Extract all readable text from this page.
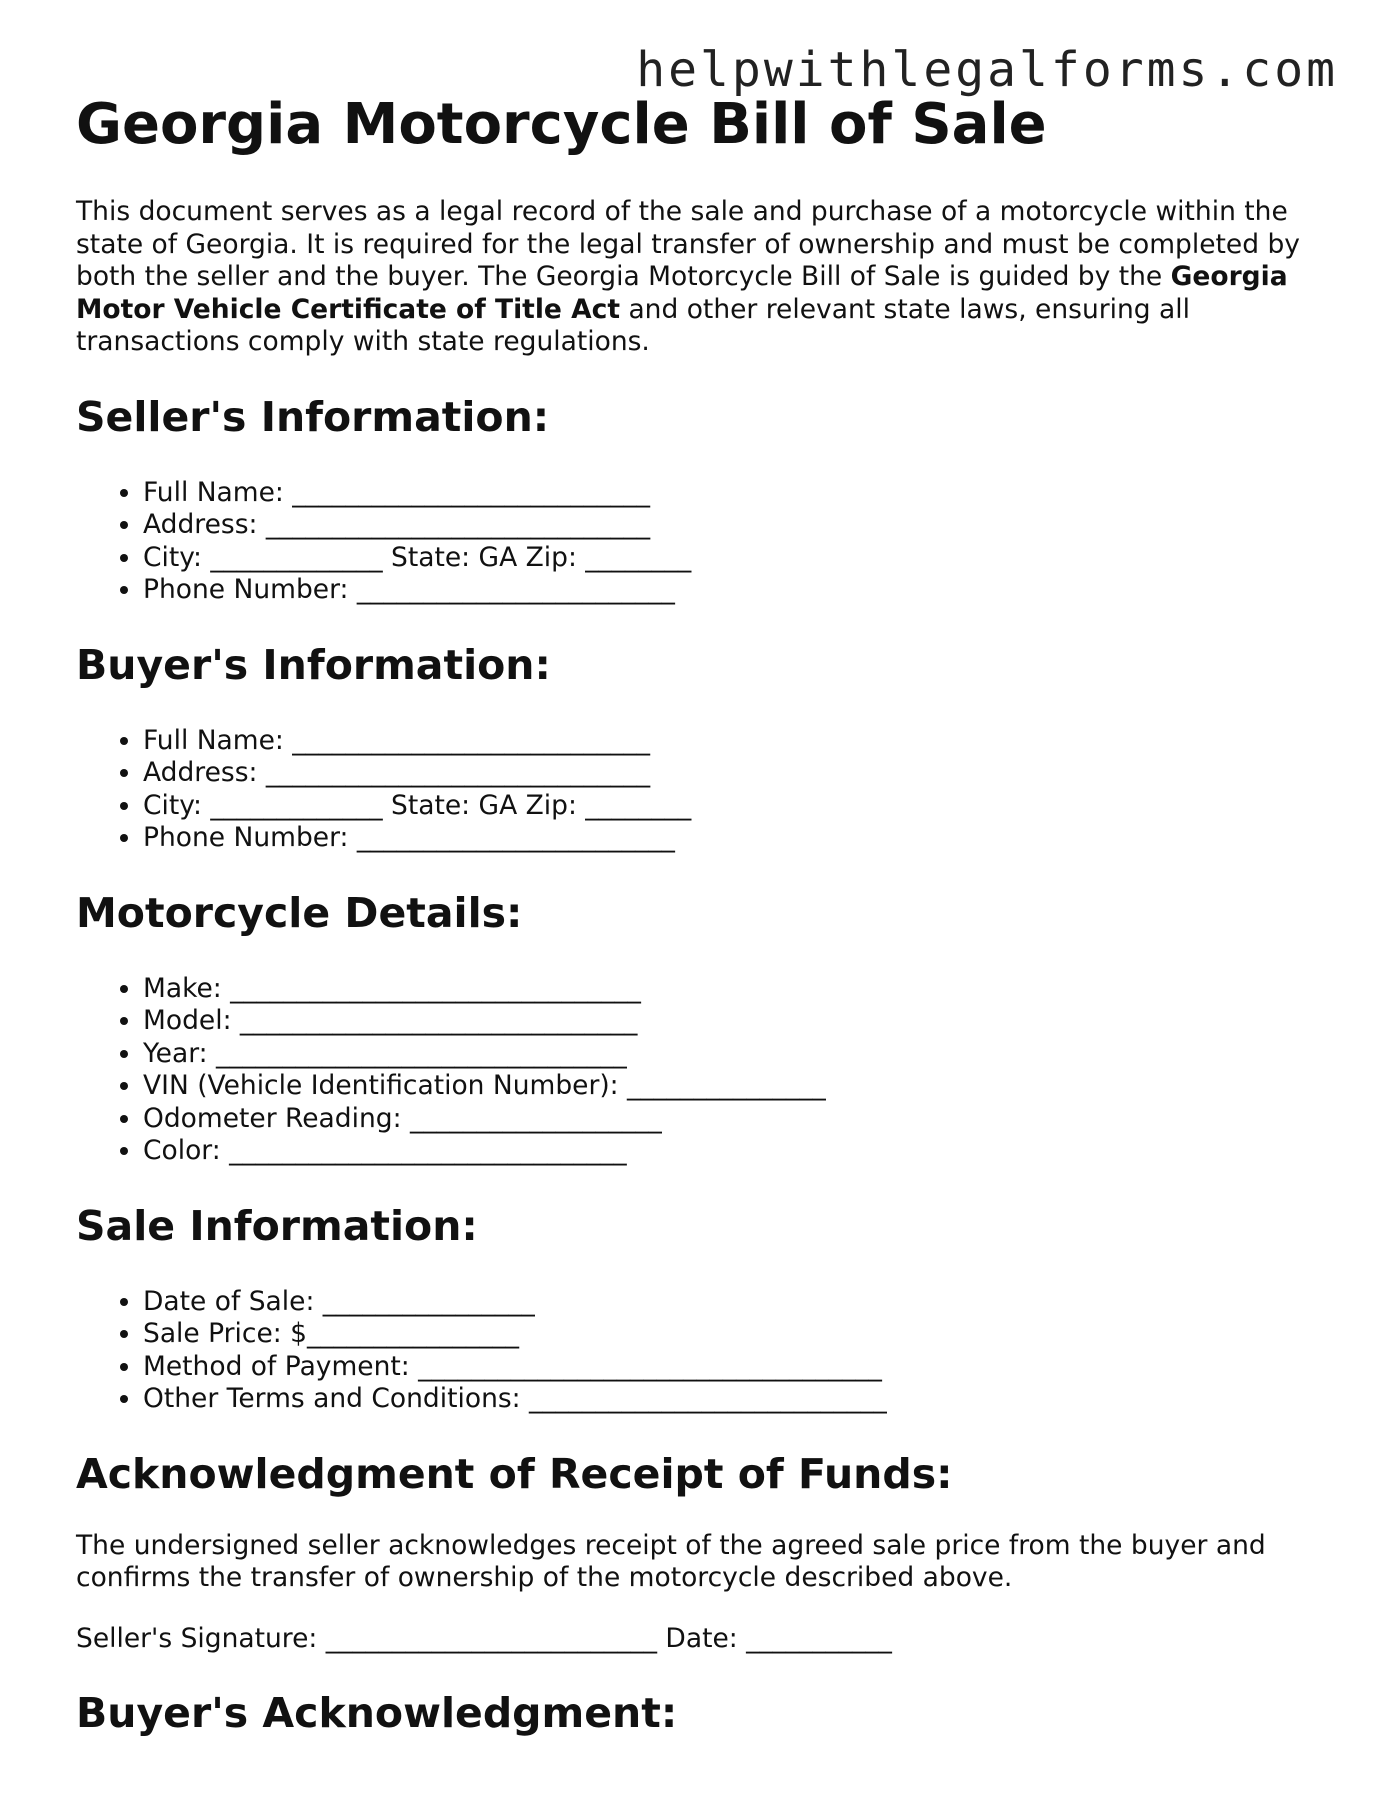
helpwithlegalforms.com

Georgia Motorcycle Bill of Sale

This document serves as a legal record of the sale and purchase of a motorcycle within the state of Georgia. It is required for the legal transfer of ownership and must be completed by both the seller and the buyer. The Georgia Motorcycle Bill of Sale is guided by the Georgia Motor Vehicle Certificate of Title Act and other relevant state laws, ensuring all transactions comply with state regulations.

Seller's Information:
• Full Name: ___________________________
• Address: _____________________________
• City: _____________ State: GA Zip: ________
• Phone Number: ________________________
Buyer's Information:
• Full Name: ___________________________
• Address: _____________________________
• City: _____________ State: GA Zip: ________
• Phone Number: ________________________
Motorcycle Details:
• Make: _______________________________
• Model: ______________________________
• Year: _______________________________
• VIN (Vehicle Identification Number): _______________
• Odometer Reading: ___________________
• Color: ______________________________
Sale Information:
• Date of Sale: ________________
• Sale Price: $________________
• Method of Payment: ___________________________________
• Other Terms and Conditions: ___________________________
Acknowledgment of Receipt of Funds:

The undersigned seller acknowledges receipt of the agreed sale price from the buyer and confirms the transfer of ownership of the motorcycle described above.

Seller's Signature: _________________________ Date: ___________

Buyer's Acknowledgment:
